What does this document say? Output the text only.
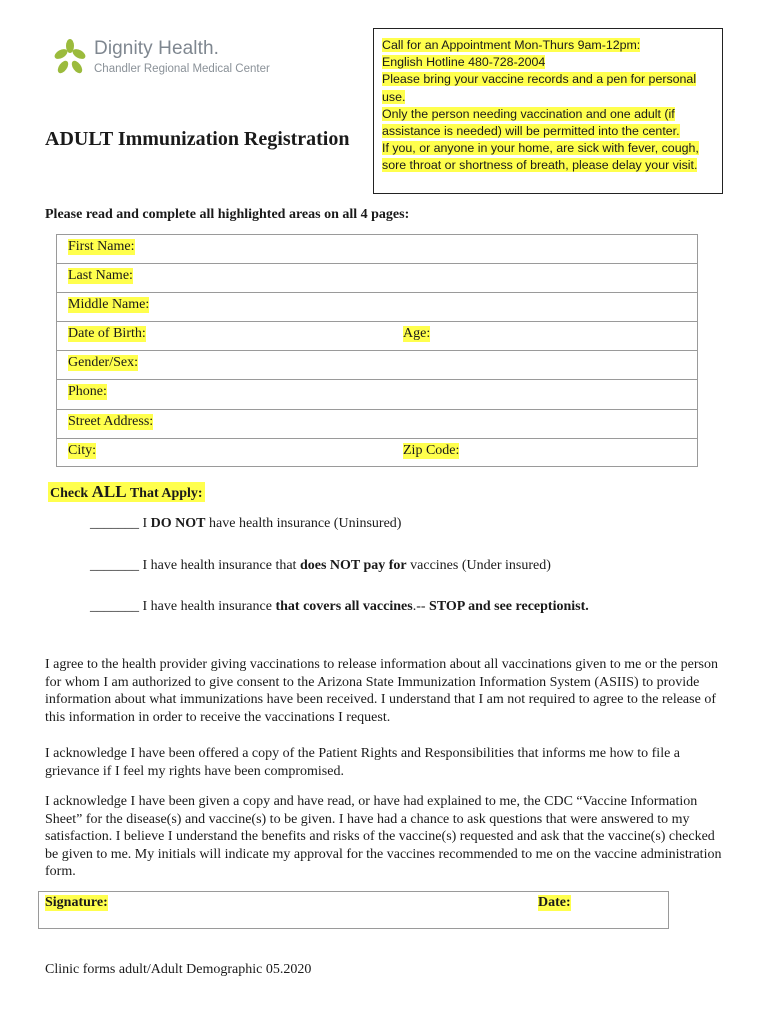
Dignity Health.
Chandler Regional Medical Center
ADULT Immunization Registration

Call for an Appointment Mon-Thurs 9am-12pm:

English Hotline 480-728-2004

Please bring your vaccine records and a pen for personal use.

Only the person needing vaccination and one adult (if assistance is needed) will be permitted into the center.

If you, or anyone in your home, are sick with fever, cough, sore throat or shortness of breath, please delay your visit.

Please read and complete all highlighted areas on all 4 pages:
First Name:
Last Name:
Middle Name:
Date of Birth:	Age:
Gender/Sex:
Phone:
Street Address:
City:	Zip Code:
Check ALL That Apply:
_______ I DO NOT have health insurance (Uninsured)
_______ I have health insurance that does NOT pay for vaccines (Under insured)
_______ I have health insurance that covers all vaccines.-- STOP and see receptionist.

I agree to the health provider giving vaccinations to release information about all vaccinations given to me or the person for whom I am authorized to give consent to the Arizona State Immunization Information System (ASIIS) to provide information about what immunizations have been received. I understand that I am not required to agree to the release of this information in order to receive the vaccinations I request.

I acknowledge I have been offered a copy of the Patient Rights and Responsibilities that informs me how to file a grievance if I feel my rights have been compromised.

I acknowledge I have been given a copy and have read, or have had explained to me, the CDC “Vaccine Information Sheet” for the disease(s) and vaccine(s) to be given. I have had a chance to ask questions that were answered to my satisfaction. I believe I understand the benefits and risks of the vaccine(s) requested and ask that the vaccine(s) checked be given to me. My initials will indicate my approval for the vaccines recommended to me on the vaccine administration form.

Signature:	Date:
Clinic forms adult/Adult Demographic 05.2020
